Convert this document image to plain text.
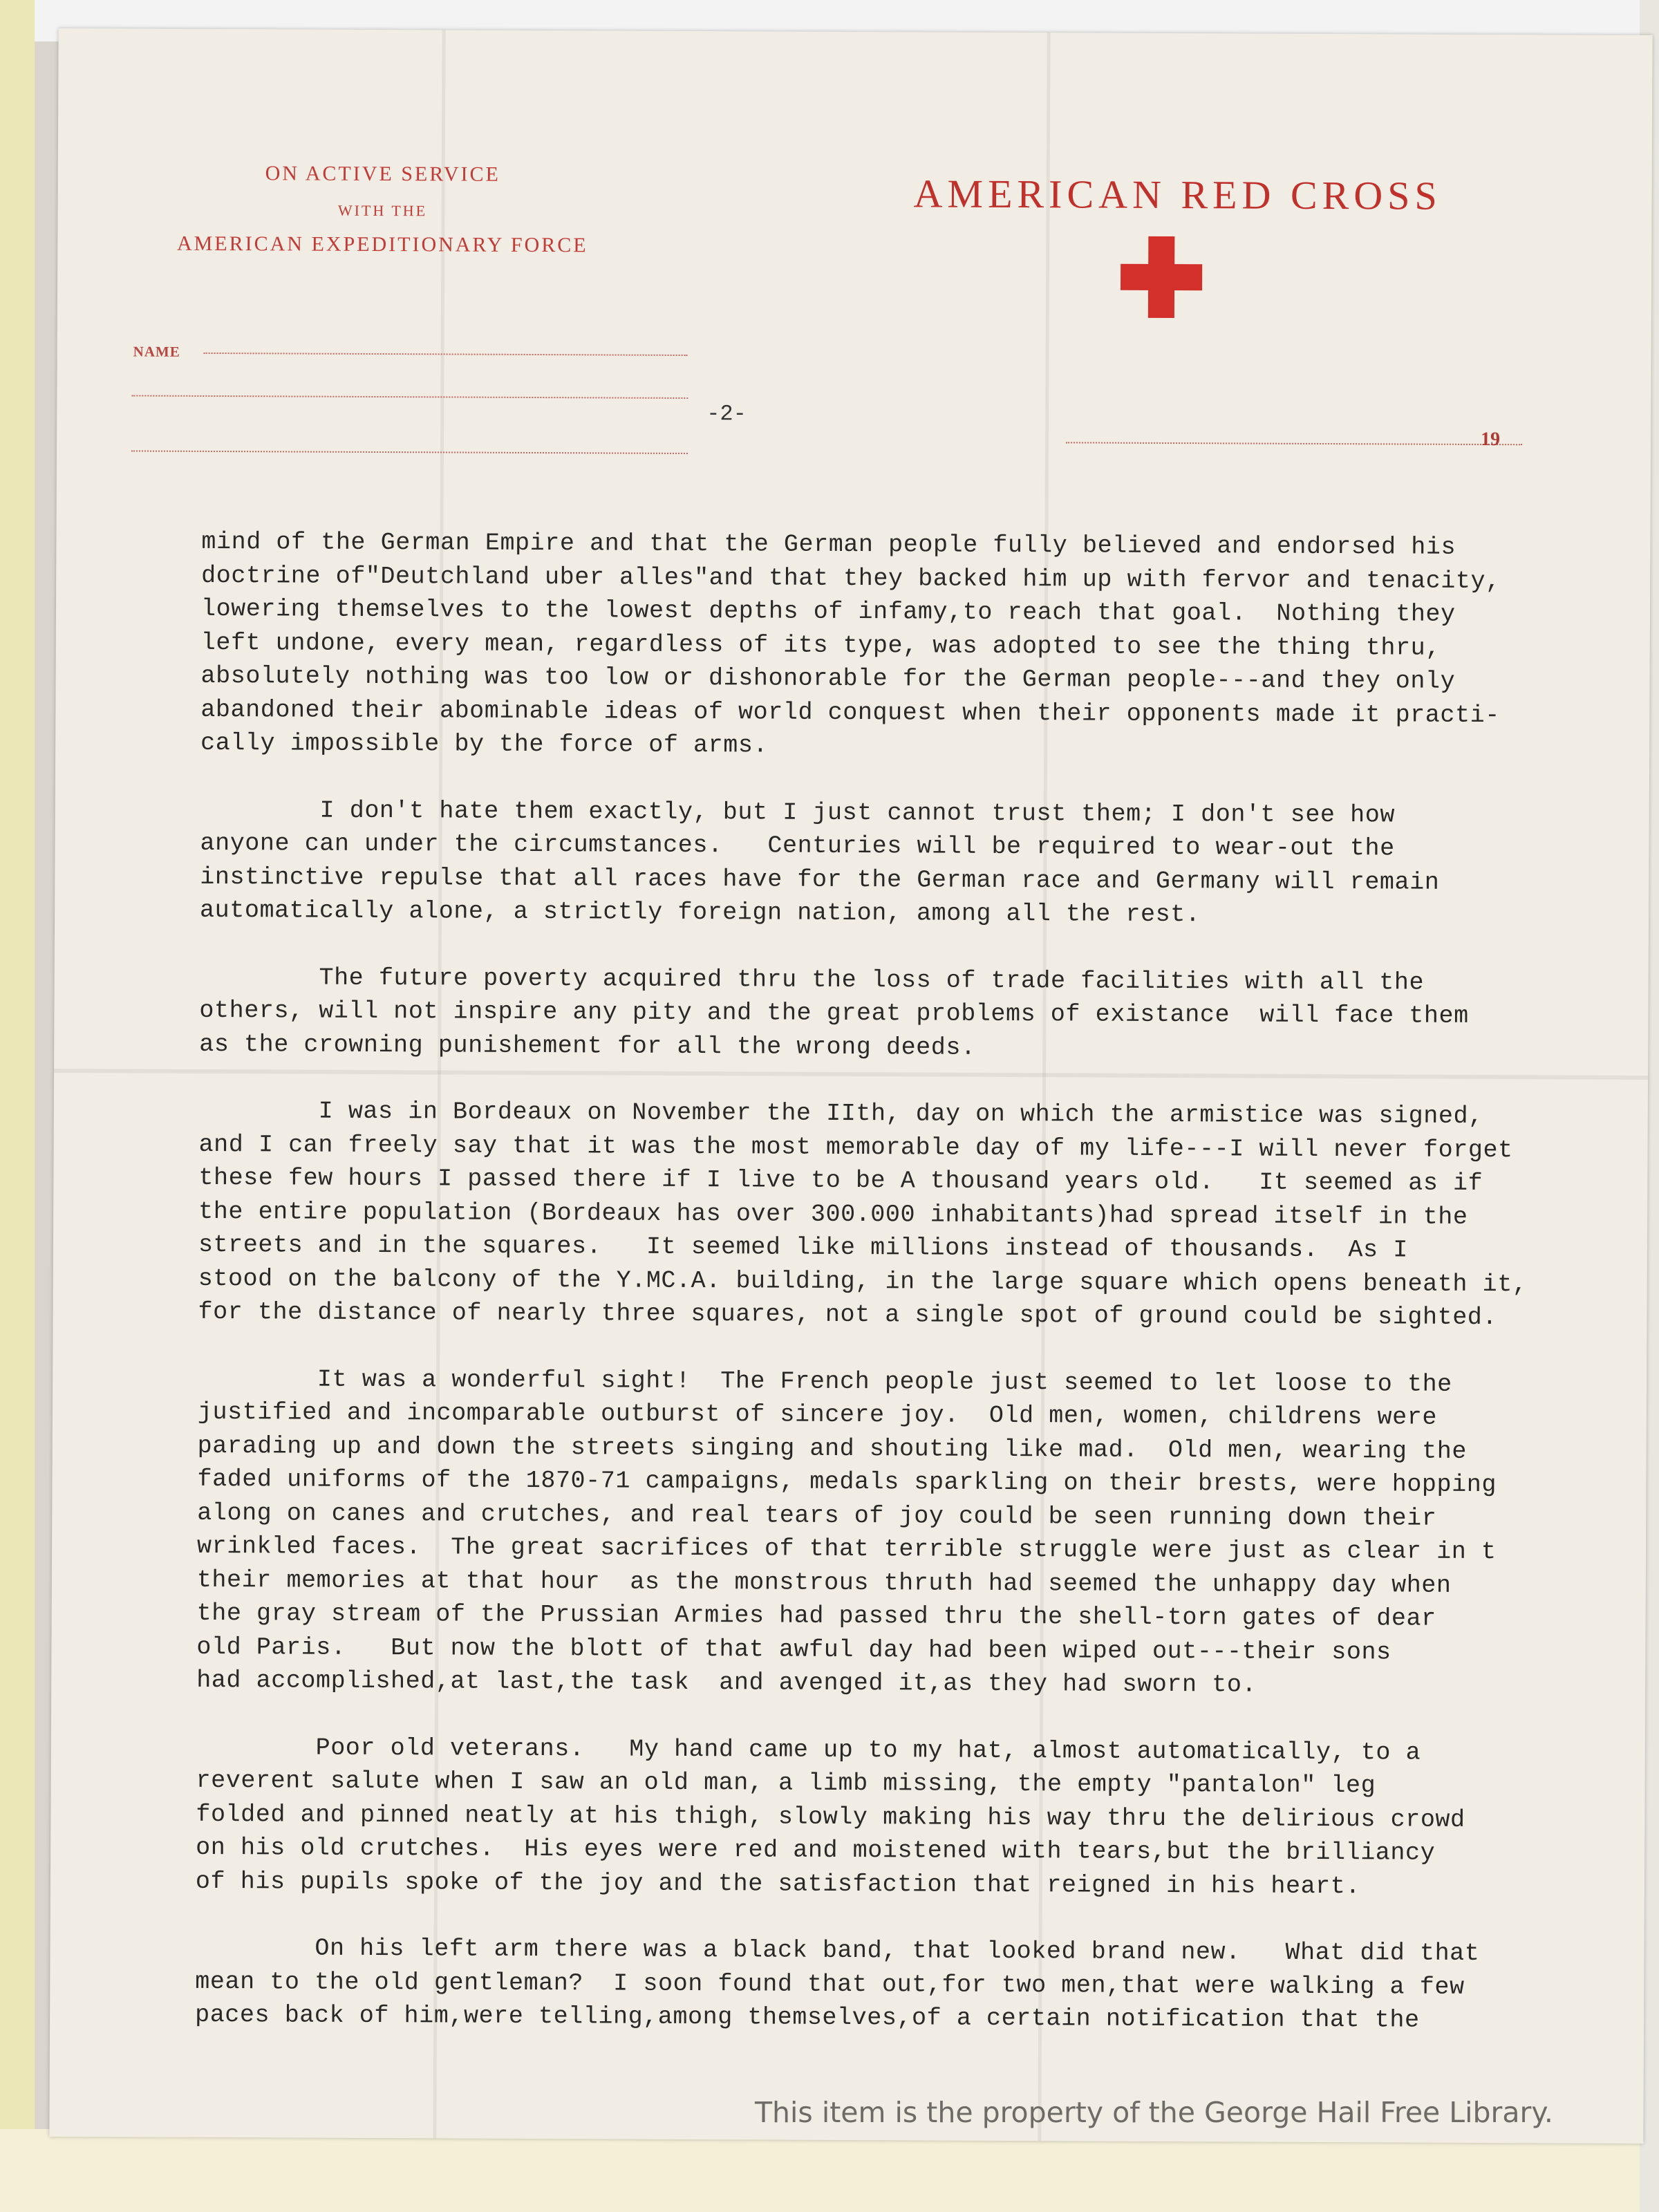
ON ACTIVE SERVICE
WITH THE
AMERICAN EXPEDITIONARY FORCE
NAME
AMERICAN RED CROSS
-2-
19
mind of the German Empire and that the German people fully believed and endorsed his
doctrine of"Deutchland uber alles"and that they backed him up with fervor and tenacity,
lowering themselves to the lowest depths of infamy,to reach that goal.  Nothing they
left undone, every mean, regardless of its type, was adopted to see the thing thru,
absolutely nothing was too low or dishonorable for the German people---and they only
abandoned their abominable ideas of world conquest when their opponents made it practi-
cally impossible by the force of arms.
I don't hate them exactly, but I just cannot trust them; I don't see how
anyone can under the circumstances.   Centuries will be required to wear-out the
instinctive repulse that all races have for the German race and Germany will remain
automatically alone, a strictly foreign nation, among all the rest.
The future poverty acquired thru the loss of trade facilities with all the
others, will not inspire any pity and the great problems of existance  will face them
as the crowning punishement for all the wrong deeds.
I was in Bordeaux on November the IIth, day on which the armistice was signed,
and I can freely say that it was the most memorable day of my life---I will never forget
these few hours I passed there if I live to be A thousand years old.   It seemed as if
the entire population (Bordeaux has over 300.000 inhabitants)had spread itself in the
streets and in the squares.   It seemed like millions instead of thousands.  As I
stood on the balcony of the Y.MC.A. building, in the large square which opens beneath it,
for the distance of nearly three squares, not a single spot of ground could be sighted.
It was a wonderful sight!  The French people just seemed to let loose to the
justified and incomparable outburst of sincere joy.  Old men, women, childrens were
parading up and down the streets singing and shouting like mad.  Old men, wearing the
faded uniforms of the 1870-71 campaigns, medals sparkling on their brests, were hopping
along on canes and crutches, and real tears of joy could be seen running down their
wrinkled faces.  The great sacrifices of that terrible struggle were just as clear in t
their memories at that hour  as the monstrous thruth had seemed the unhappy day when
the gray stream of the Prussian Armies had passed thru the shell-torn gates of dear
old Paris.   But now the blott of that awful day had been wiped out---their sons
had accomplished,at last,the task  and avenged it,as they had sworn to.
Poor old veterans.   My hand came up to my hat, almost automatically, to a
reverent salute when I saw an old man, a limb missing, the empty "pantalon" leg
folded and pinned neatly at his thigh, slowly making his way thru the delirious crowd
on his old crutches.  His eyes were red and moistened with tears,but the brilliancy
of his pupils spoke of the joy and the satisfaction that reigned in his heart.
On his left arm there was a black band, that looked brand new.   What did that
mean to the old gentleman?  I soon found that out,for two men,that were walking a few
paces back of him,were telling,among themselves,of a certain notification that the
This item is the property of the George Hail Free Library.
